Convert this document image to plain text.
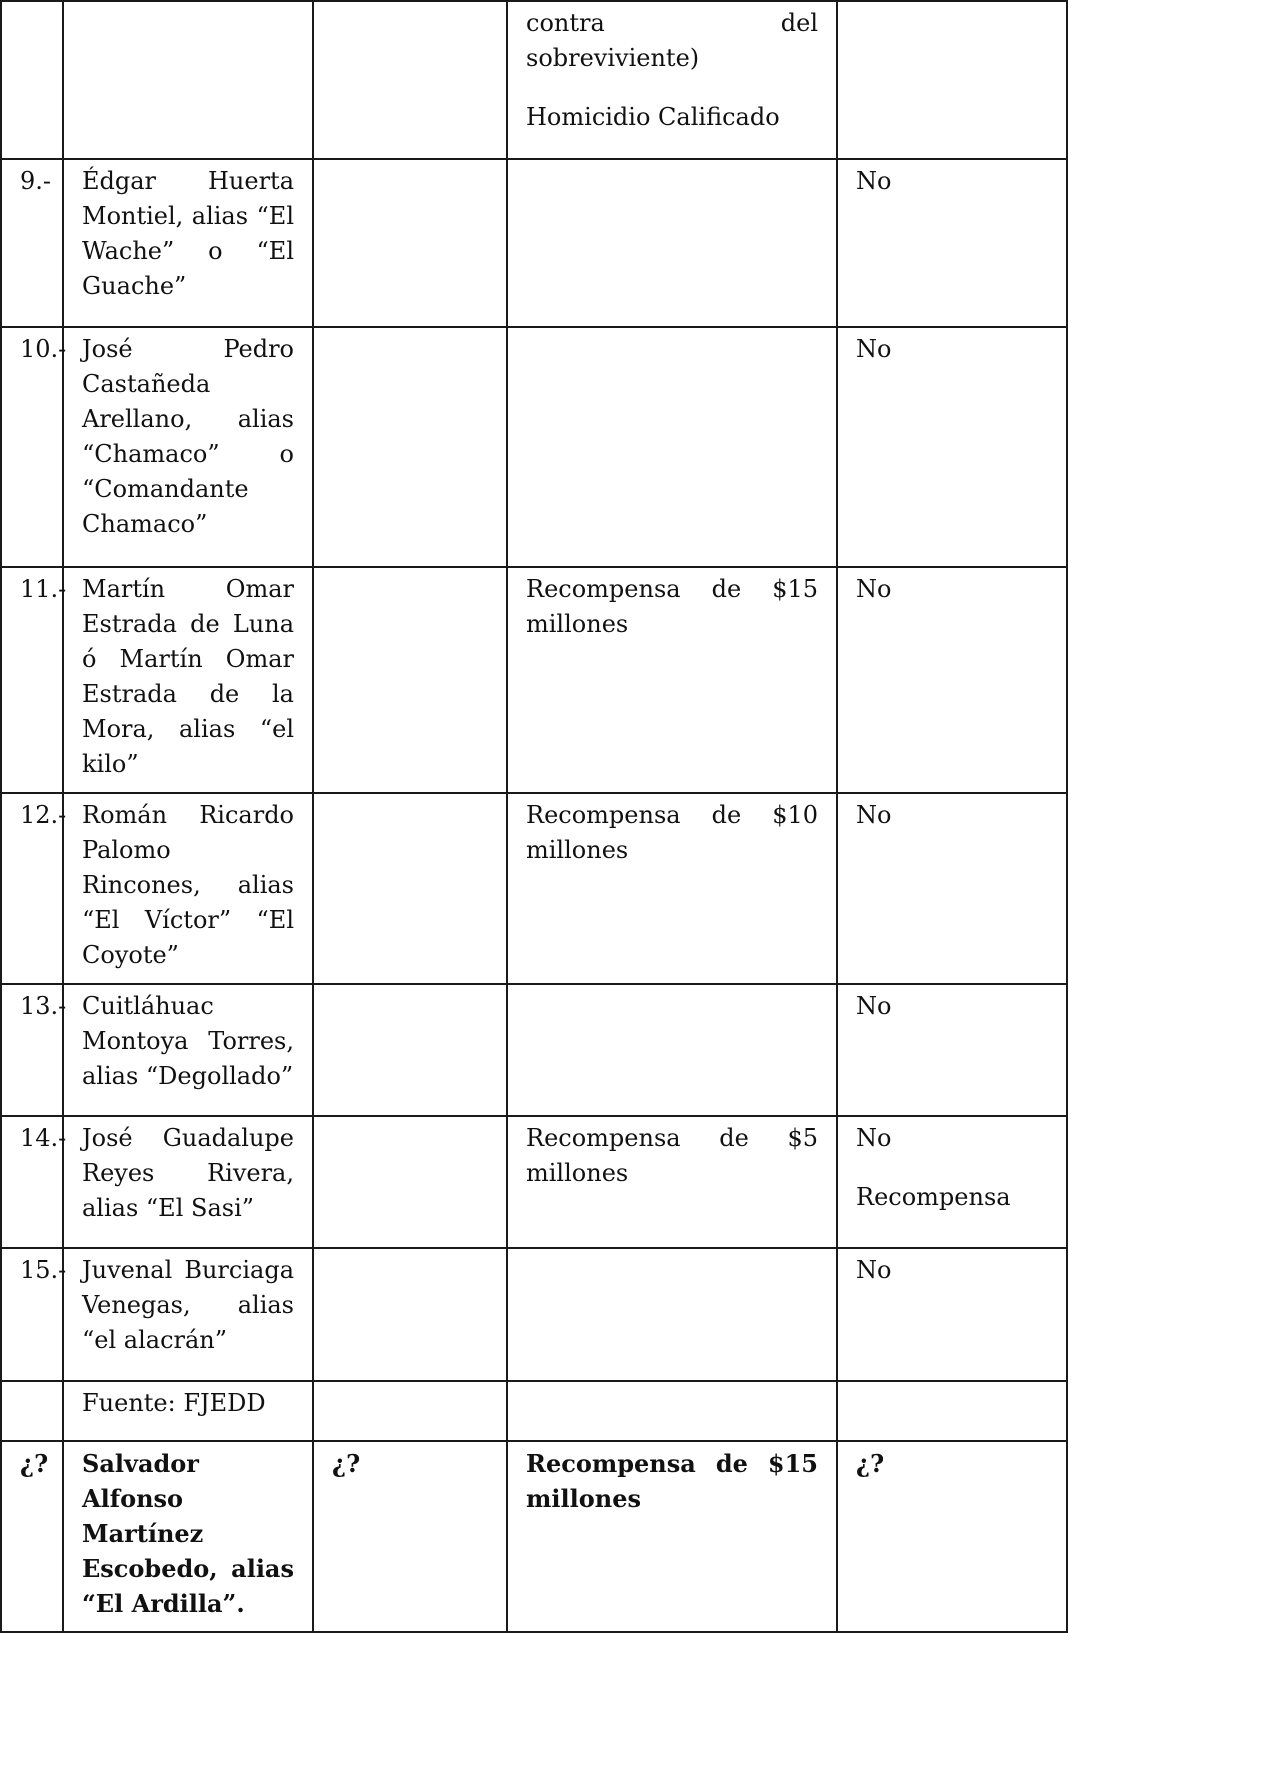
			contra del
sobreviviente)
Homicidio Calificado	

9.-	Édgar Huerta Montiel, alias “El Wache” o “El Guache”			No
10.-	José Pedro Castañeda Arellano, alias “Chamaco” o “Comandante Chamaco”			No
11.-	Martín Omar Estrada de Luna ó Martín Omar Estrada de la Mora, alias “el kilo”		Recompensa de $15 millones	No
12.-	Román Ricardo Palomo Rincones, alias “El Víctor” “El Coyote”		Recompensa de $10 millones	No
13.-	Cuitláhuac Montoya Torres, alias “Degollado”			No
14.-	José Guadalupe Reyes Rivera, alias “El Sasi”		Recompensa de $5 millones	No
Recompensa

15.-	Juvenal Burciaga Venegas, alias “el alacrán”			No
	Fuente: FJEDD			
¿?	Salvador Alfonso Martínez Escobedo, alias “El Ardilla”.	¿?	Recompensa de $15 millones	¿?
